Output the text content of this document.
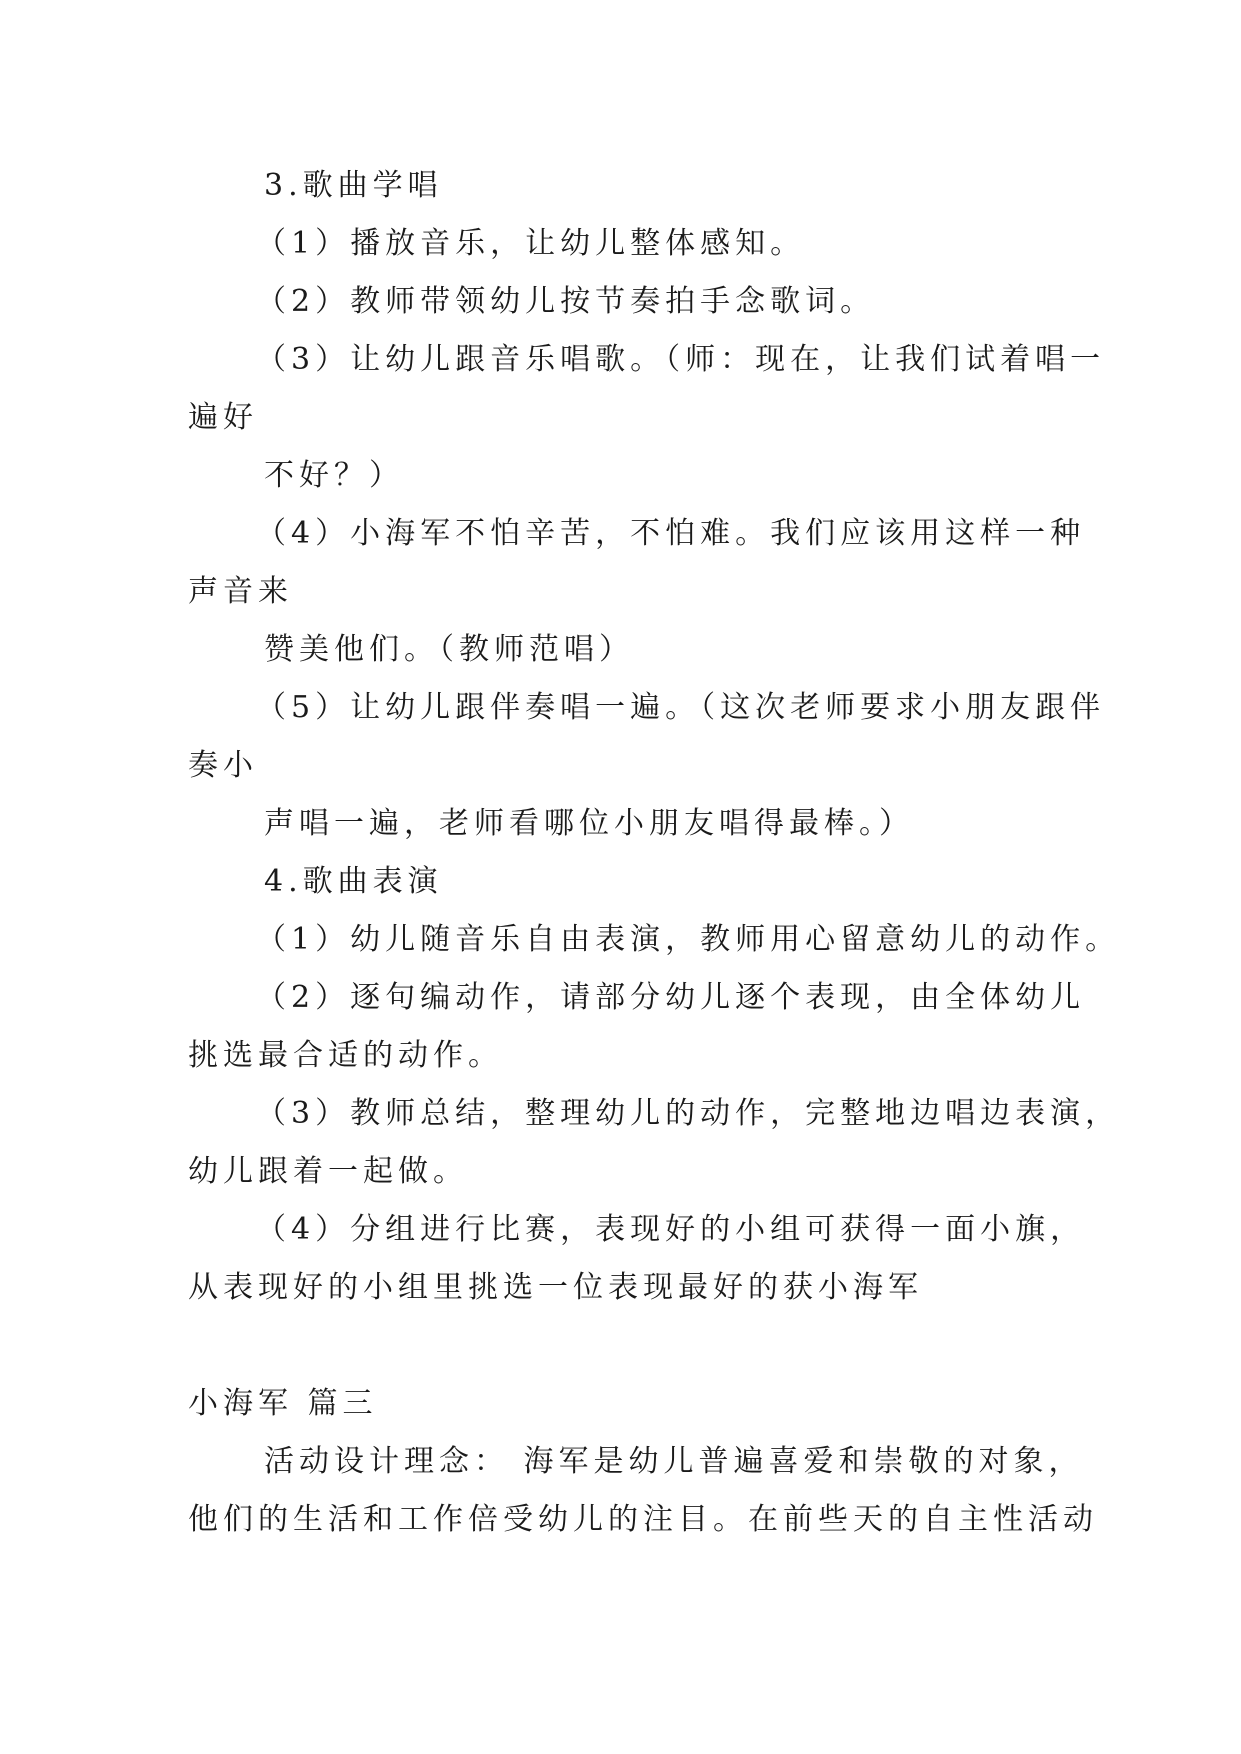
3.歌曲学唱
（1）播放音乐，让幼儿整体感知。
（2）教师带领幼儿按节奏拍手念歌词。
（3）让幼儿跟音乐唱歌。（师：现在，让我们试着唱一
遍好
不好？）
（4）小海军不怕辛苦，不怕难。我们应该用这样一种
声音来
赞美他们。（教师范唱）
（5）让幼儿跟伴奏唱一遍。（这次老师要求小朋友跟伴
奏小
声唱一遍，老师看哪位小朋友唱得最棒。）
4.歌曲表演
（1）幼儿随音乐自由表演，教师用心留意幼儿的动作。
（2）逐句编动作，请部分幼儿逐个表现，由全体幼儿
挑选最合适的动作。
（3）教师总结，整理幼儿的动作，完整地边唱边表演，
幼儿跟着一起做。
（4）分组进行比赛，表现好的小组可获得一面小旗，
从表现好的小组里挑选一位表现最好的获小海军
小海军 篇三
活动设计理念： 海军是幼儿普遍喜爱和崇敬的对象，
他们的生活和工作倍受幼儿的注目。在前些天的自主性活动
